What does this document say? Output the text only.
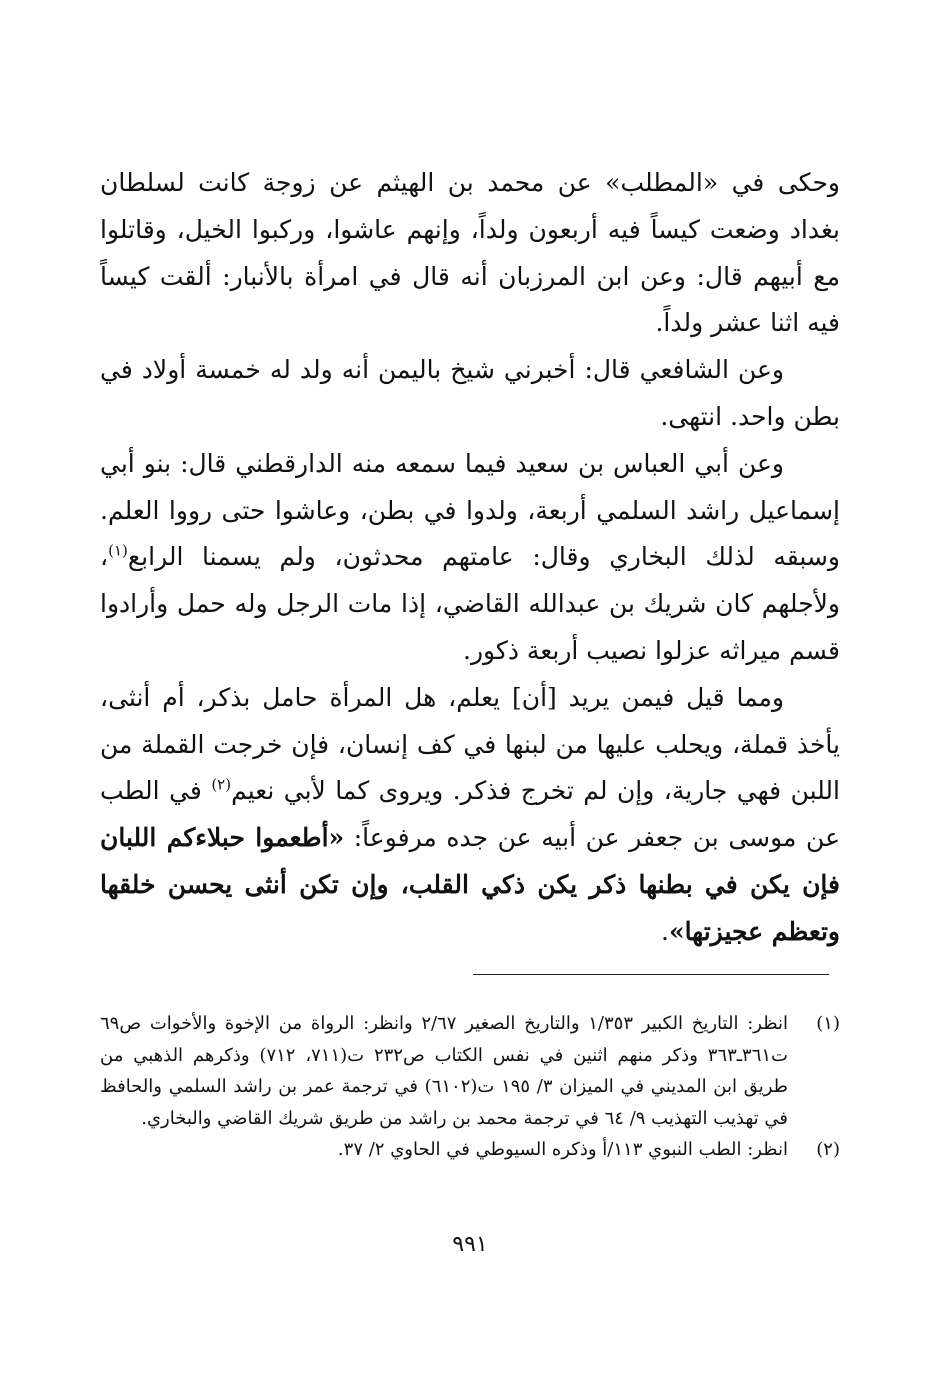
وحكى في «المطلب» عن محمد بن الهيثم عن زوجة كانت لسلطان بغداد وضعت كيساً فيه أربعون ولداً، وإنهم عاشوا، وركبوا الخيل، وقاتلوا مع أبيهم قال: وعن ابن المرزبان أنه قال في امرأة بالأنبار: ألقت كيساً فيه اثنا عشر ولداً.

وعن الشافعي قال: أخبرني شيخ باليمن أنه ولد له خمسة أولاد في بطن واحد. انتهى.

وعن أبي العباس بن سعيد فيما سمعه منه الدارقطني قال: بنو أبي إسماعيل راشد السلمي أربعة، ولدوا في بطن، وعاشوا حتى رووا العلم. وسبقه لذلك البخاري وقال: عامتهم محدثون، ولم يسمنا الرابع$^{(١)}$، ولأجلهم كان شريك بن عبدالله القاضي، إذا مات الرجل وله حمل وأرادوا قسم ميراثه عزلوا نصيب أربعة ذكور.

ومما قيل فيمن يريد [أن] يعلم، هل المرأة حامل بذكر، أم أنثى، يأخذ قملة، ويحلب عليها من لبنها في كف إنسان، فإن خرجت القملة من اللبن فهي جارية، وإن لم تخرج فذكر. ويروى كما لأبي نعيم$^{(٢)}$ في الطب عن موسى بن جعفر عن أبيه عن جده مرفوعاً: «أطعموا حبلاءكم اللبان فإن يكن في بطنها ذكر يكن ذكي القلب، وإن تكن أنثى يحسن خلقها وتعظم عجيزتها».

(١)
انظر: التاريخ الكبير ١/٣٥٣ والتاريخ الصغير ٢/٦٧ وانظر: الرواة من الإخوة والأخوات ص٦٩ ت٣٦١ـ٣٦٣ وذكر منهم اثنين في نفس الكتاب ص٢٣٢ ت(٧١١، ٧١٢) وذكرهم الذهبي من طريق ابن المديني في الميزان ٣/ ١٩٥ ت(٦١٠٢) في ترجمة عمر بن راشد السلمي والحافظ في تهذيب التهذيب ٩/ ٦٤ في ترجمة محمد بن راشد من طريق شريك القاضي والبخاري.

(٢)
انظر: الطب النبوي ١١٣/أ وذكره السيوطي في الحاوي ٢/ ٣٧.

٩٩١
